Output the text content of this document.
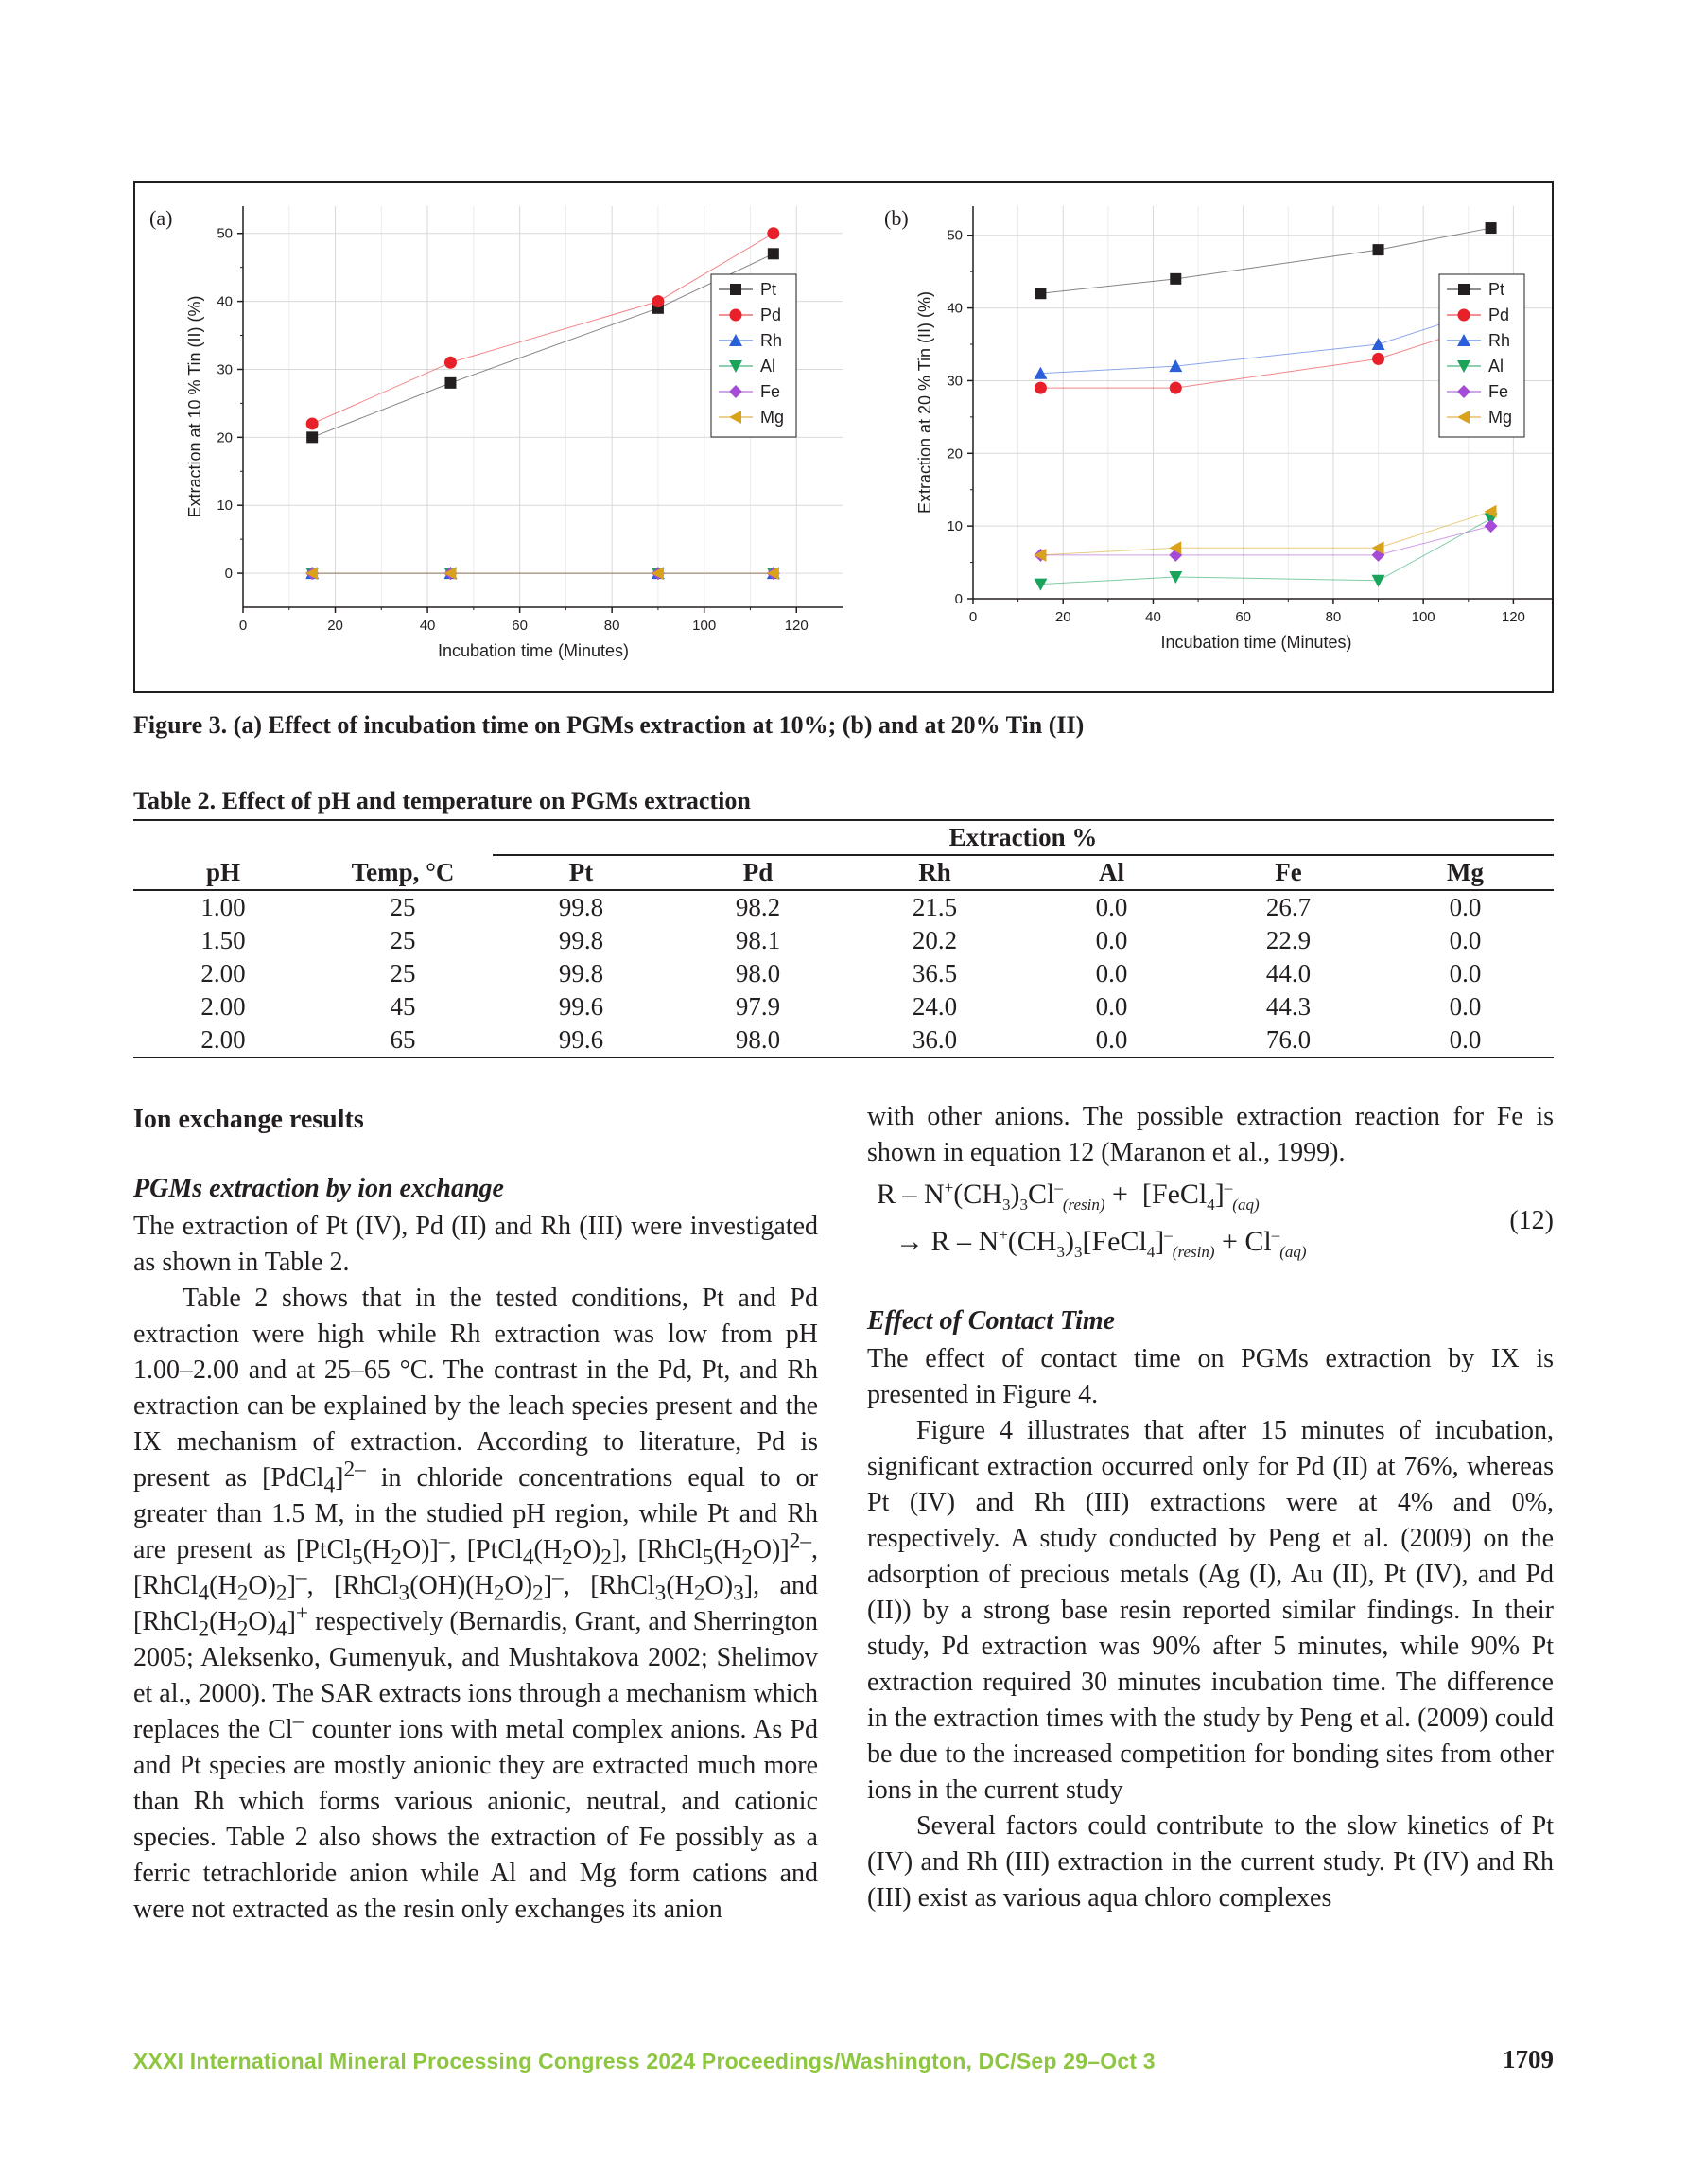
0	20	40	60	80	100	120
0
10
20
30
40
50
Incubation time (Minutes)
Extraction at 10 % Tin (II) (%)
(a)
Pt
Pd
Rh
Al
Fe
Mg
0	20	40	60	80	100	120
0
10
20
30
40
50
Incubation time (Minutes)
Extraction at 20 % Tin (II) (%)
(b)
Pt
Pd
Rh
Al
Fe
Mg
Figure 3. (a) Effect of incubation time on PGMs extraction at 10%; (b) and at 20% Tin (II)
Table 2. Effect of pH and temperature on PGMs extraction
		Extraction %					
pH	Temp, °C	Pt	Pd	Rh	Al	Fe	Mg
1.00	25	99.8	98.2	21.5	0.0	26.7	0.0
1.50	25	99.8	98.1	20.2	0.0	22.9	0.0
2.00	25	99.8	98.0	36.5	0.0	44.0	0.0
2.00	45	99.6	97.9	24.0	0.0	44.3	0.0
2.00	65	99.6	98.0	36.0	0.0	76.0	0.0
Ion exchange results
PGMs extraction by ion exchange

The extraction of Pt (IV), Pd (II) and Rh (III) were investigated as shown in Table 2.

Table 2 shows that in the tested conditions, Pt and Pd extraction were high while Rh extraction was low from pH 1.00–2.00 and at 25–65 °C. The contrast in the Pd, Pt, and Rh extraction can be explained by the leach species present and the IX mechanism of extraction. According to literature, Pd is present as [PdCl$_4$]$^{2-}$ in chloride concentrations equal to or greater than 1.5 M, in the studied pH region, while Pt and Rh are present as $[PtCl_5(H_2O)]^-$, $[PtCl_4(H_2O)_2]$, $[RhCl_5(H_2O)]^{2-}$, $[RhCl_4(H_2O)_2]^-$, $[RhCl_3(OH)(H_2O)_2]^-$, $[RhCl_3(H_2O)_3]$, and $[RhCl_2(H_2O)_4]^+$ respectively (Bernardis, Grant, and Sherrington 2005; Aleksenko, Gumenyuk, and Mushtakova 2002; Shelimov et al., 2000). The SAR extracts ions through a mechanism which replaces the Cl– counter ions with metal complex anions. As Pd and Pt species are mostly anionic they are extracted much more than Rh which forms various anionic, neutral, and cationic species. Table 2 also shows the extraction of Fe possibly as a ferric tetrachloride anion while Al and Mg form cations and were not extracted as the resin only exchanges its anion

with other anions. The possible extraction reaction for Fe is shown in equation 12 (Maranon et al., 1999).

R – $N^+(CH_3)_3Cl^-_{(resin)}$ +  $[FeCl_4]^-_{(aq)}$
→ $R - N^+(CH_3)_3[FeCl_4]^-_{(resin)} + Cl^-_{(aq)}$
(12)
Effect of Contact Time

The effect of contact time on PGMs extraction by IX is presented in Figure 4.

Figure 4 illustrates that after 15 minutes of incubation, significant extraction occurred only for Pd (II) at 76%, whereas Pt (IV) and Rh (III) extractions were at 4% and 0%, respectively. A study conducted by Peng et al. (2009) on the adsorption of precious metals (Ag (I), Au (II), Pt (IV), and Pd (II)) by a strong base resin reported similar findings. In their study, Pd extraction was 90% after 5 minutes, while 90% Pt extraction required 30 minutes incubation time. The difference in the extraction times with the study by Peng et al. (2009) could be due to the increased competition for bonding sites from other ions in the current study

Several factors could contribute to the slow kinetics of Pt (IV) and Rh (III) extraction in the current study. Pt (IV) and Rh (III) exist as various aqua chloro complexes

XXXI International Mineral Processing Congress 2024 Proceedings/Washington, DC/Sep 29–Oct 3	1709
